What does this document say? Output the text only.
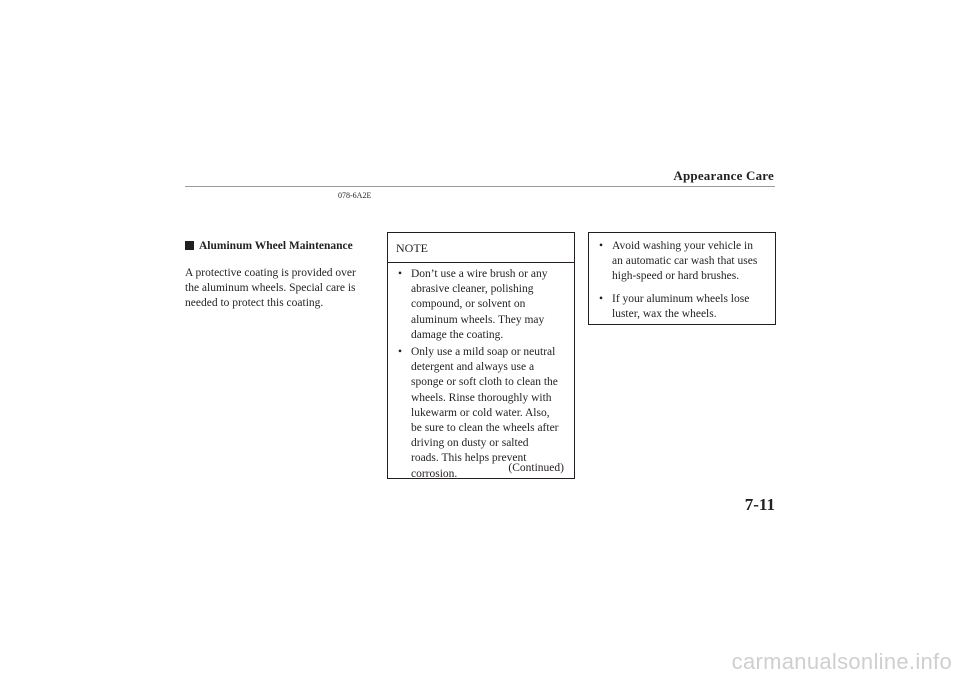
Appearance Care
078-6A2E
Aluminum Wheel Maintenance
A protective coating is provided over
the aluminum wheels. Special care is
needed to protect this coating.
NOTE
• Don’t use a wire brush or any
abrasive cleaner, polishing
compound, or solvent on
aluminum wheels. They may
damage the coating.
• Only use a mild soap or neutral
detergent and always use a
sponge or soft cloth to clean the
wheels. Rinse thoroughly with
lukewarm or cold water. Also,
be sure to clean the wheels after
driving on dusty or salted
roads. This helps prevent
corrosion.	(Continued)
• Avoid washing your vehicle in
an automatic car wash that uses
high-speed or hard brushes.
• If your aluminum wheels lose
luster, wax the wheels.
7-11
carmanualsonline.info
